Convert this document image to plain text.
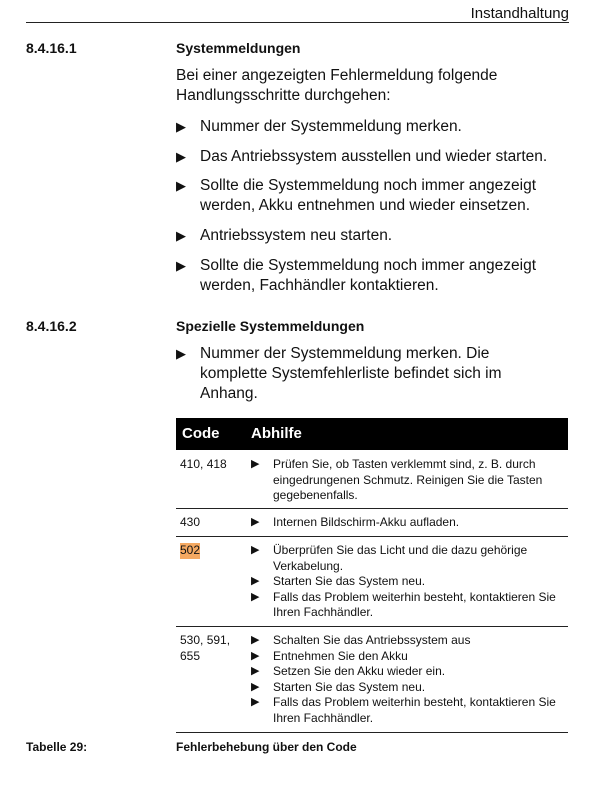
Instandhaltung
8.4.16.1	Systemmeldungen
Bei einer angezeigten Fehlermeldung folgende Handlungsschritte durchgehen:
▶ Nummer der Systemmeldung merken.
▶ Das Antriebssystem ausstellen und wieder starten.
▶ Sollte die Systemmeldung noch immer angezeigt werden, Akku entnehmen und wieder einsetzen.
▶ Antriebssystem neu starten.
▶ Sollte die Systemmeldung noch immer angezeigt werden, Fachhändler kontaktieren.
8.4.16.2	Spezielle Systemmeldungen
▶ Nummer der Systemmeldung merken. Die komplette Systemfehlerliste befindet sich im Anhang.
Code Abhilfe
410, 418 ▶ Prüfen Sie, ob Tasten verklemmt sind, z. B. durch eingedrungenen Schmutz. Reinigen Sie die Tasten gegebenenfalls.
430	▶ Internen Bildschirm-Akku aufladen.
502	▶ Überprüfen Sie das Licht und die dazu gehörige Verkabelung.
▶ Starten Sie das System neu.
▶ Falls das Problem weiterhin besteht, kontaktieren Sie Ihren Fachhändler.
530, 591, 655
▶ Schalten Sie das Antriebssystem aus
▶ Entnehmen Sie den Akku
▶ Setzen Sie den Akku wieder ein.
▶ Starten Sie das System neu.
▶ Falls das Problem weiterhin besteht, kontaktieren Sie Ihren Fachhändler.
Tabelle 29:	Fehlerbehebung über den Code
